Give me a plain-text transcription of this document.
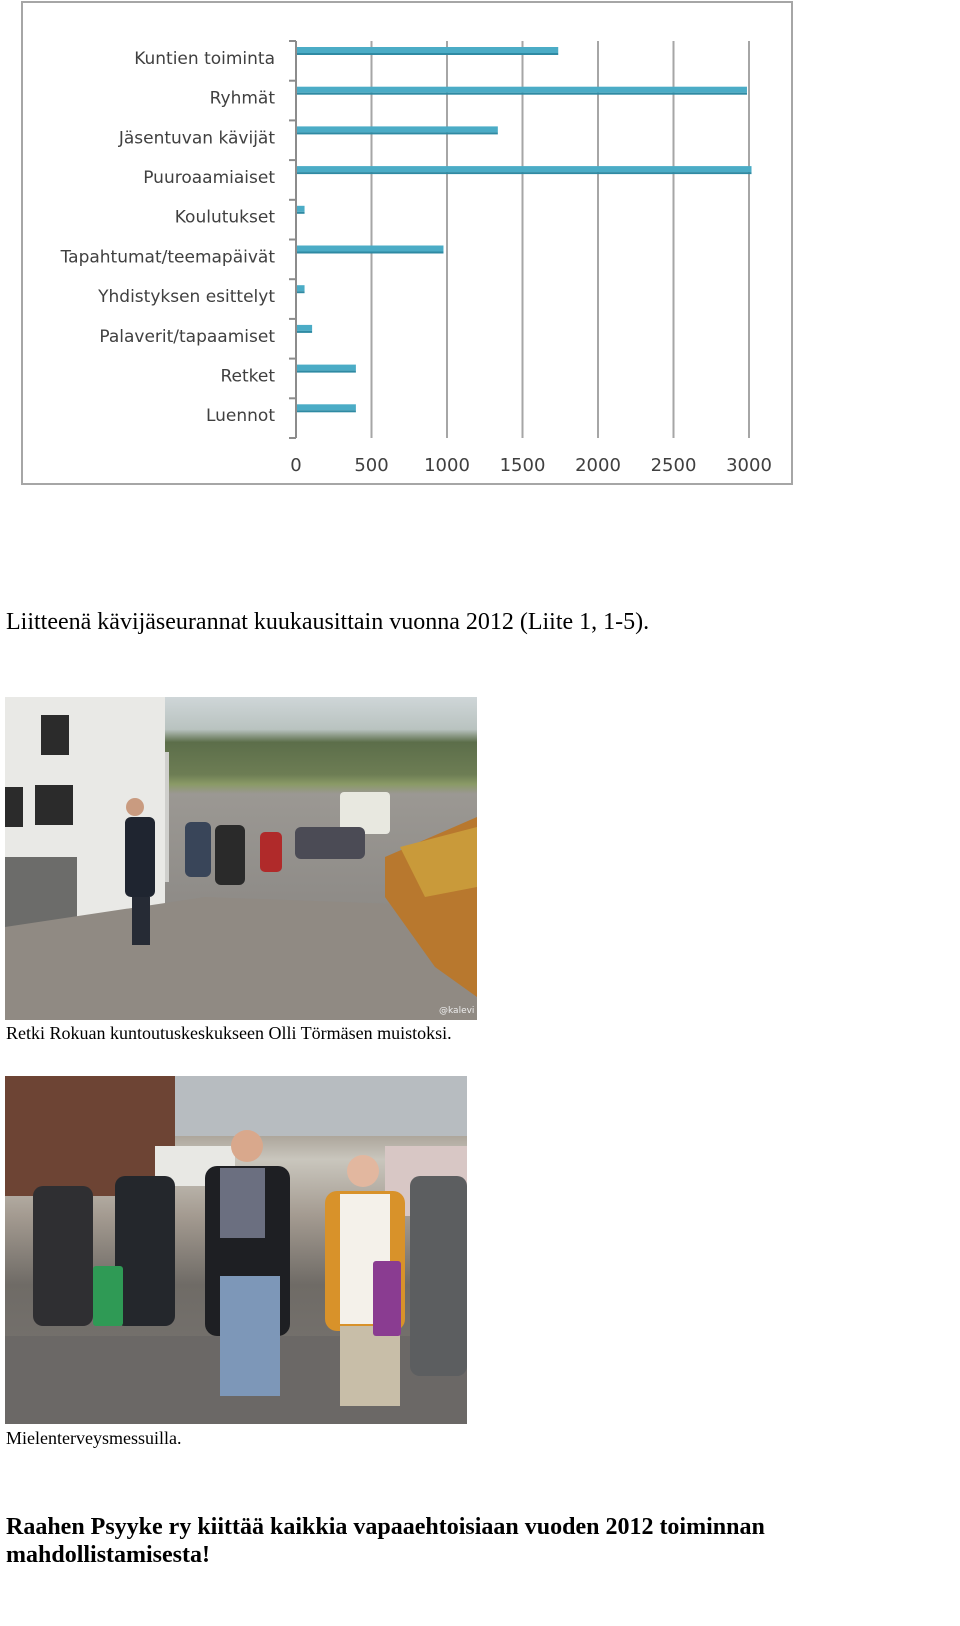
0	500 1000 1500 2000 2500 3000
Kuntien toiminta
Ryhmät
Jäsentuvan kävijät
Puuroaamiaiset
Koulutukset
Tapahtumat/teemapäivät
Yhdistyksen esittelyt
Palaverit/tapaamiset
Retket
Luennot

Liitteenä kävijäseurannat kuukausittain vuonna 2012 (Liite 1, 1-5).

@kalevi

Retki Rokuan kuntoutuskeskukseen Olli Törmäsen muistoksi.

Mielenterveysmessuilla.

Raahen Psyyke ry kiittää kaikkia vapaaehtoisiaan vuoden 2012 toiminnan mahdollistamisesta!
